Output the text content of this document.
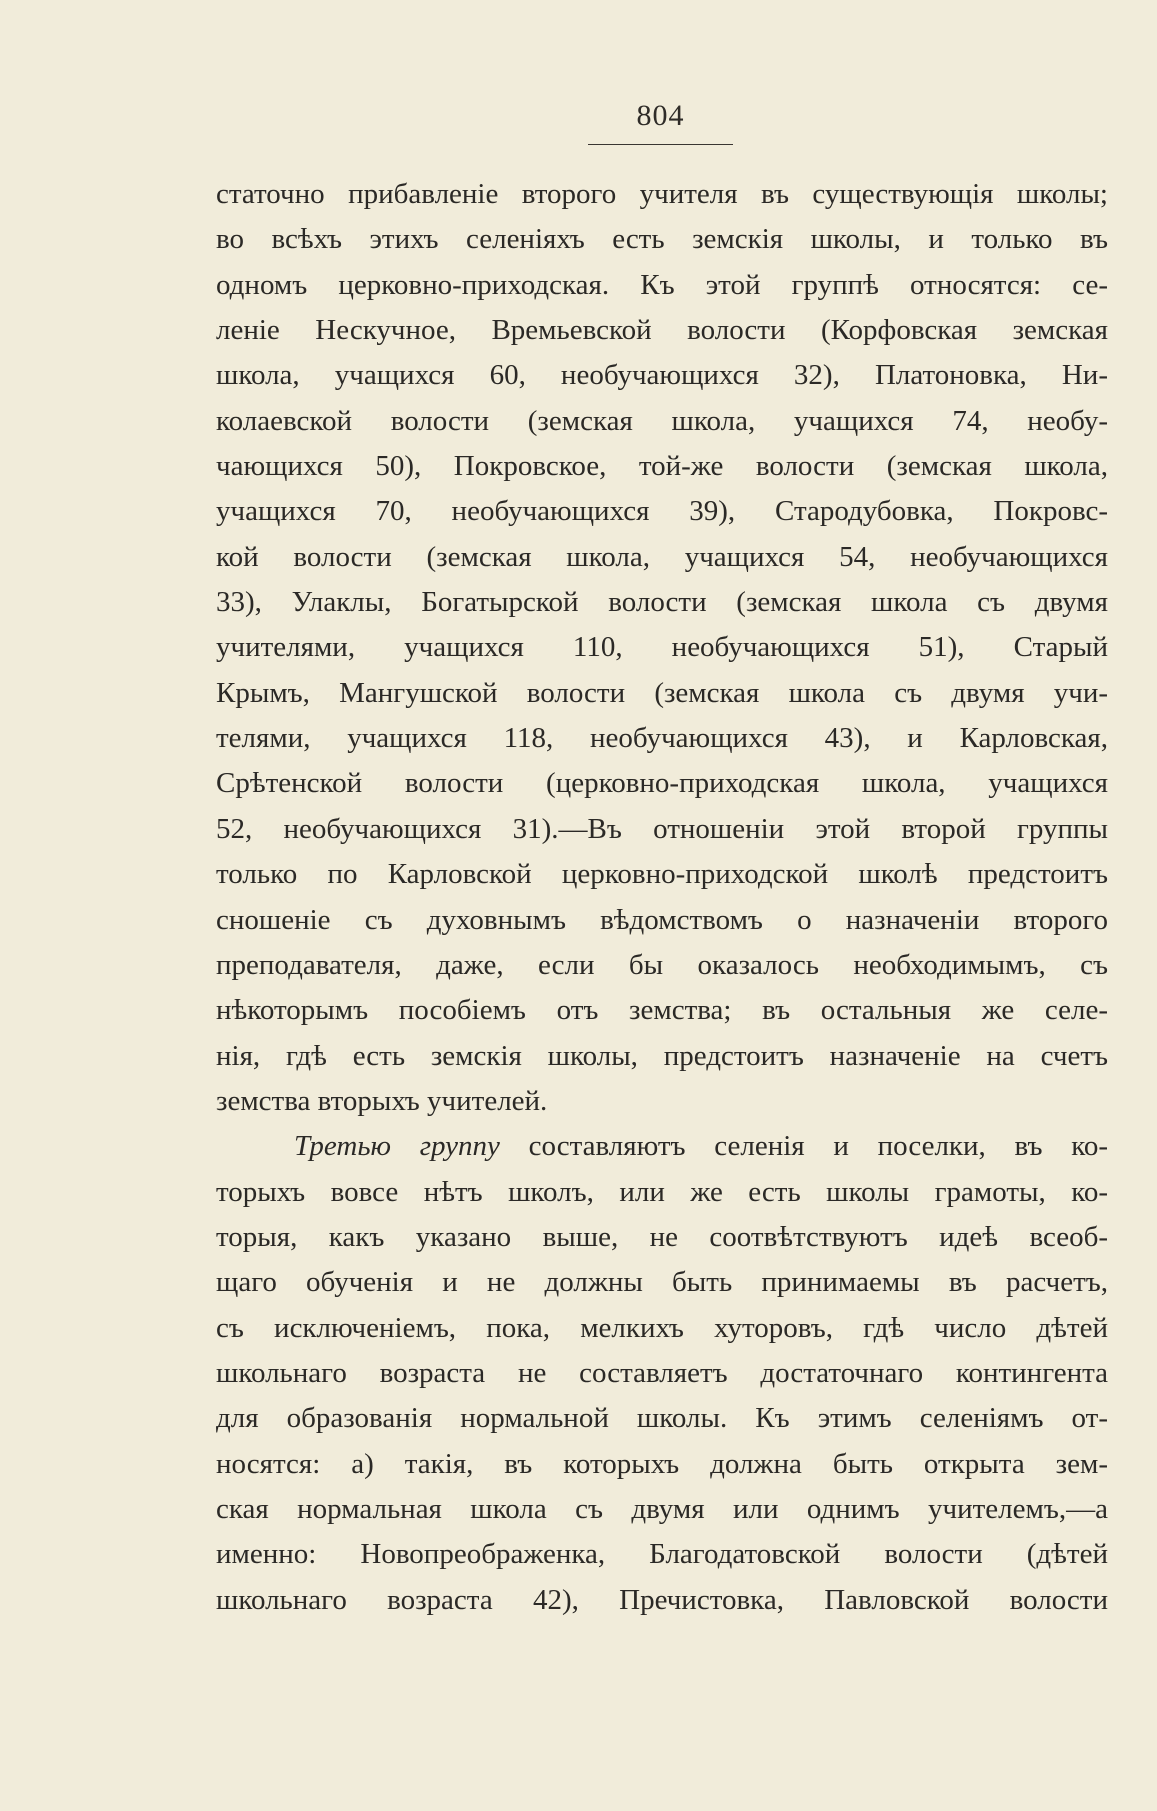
804
статочно прибавленіе второго учителя въ существующія школы;
во всѣхъ этихъ селеніяхъ есть земскія школы, и только въ
одномъ церковно-приходская. Къ этой группѣ относятся: се-
леніе Нескучное, Времьевской волости (Корфовская земская
школа, учащихся 60, необучающихся 32), Платоновка, Ни-
колаевской волости (земская школа, учащихся 74, необу-
чающихся 50), Покровское, той-же волости (земская школа,
учащихся 70, необучающихся 39), Стародубовка, Покровс-
кой волости (земская школа, учащихся 54, необучающихся
33), Улаклы, Богатырской волости (земская школа съ двумя
учителями, учащихся 110, необучающихся 51), Старый
Крымъ, Мангушской волости (земская школа съ двумя учи-
телями, учащихся 118, необучающихся 43), и Карловская,
Срѣтенской волости (церковно-приходская школа, учащихся
52, необучающихся 31).—Въ отношеніи этой второй группы
только по Карловской церковно-приходской школѣ предстоитъ
сношеніе съ духовнымъ вѣдомствомъ о назначеніи второго
преподавателя, даже, если бы оказалось необходимымъ, съ
нѣкоторымъ пособіемъ отъ земства; въ остальныя же селе-
нія, гдѣ есть земскія школы, предстоитъ назначеніе на счетъ
земства вторыхъ учителей.
Третью группу составляютъ селенія и поселки, въ ко-
торыхъ вовсе нѣтъ школъ, или же есть школы грамоты, ко-
торыя, какъ указано выше, не соотвѣтствуютъ идеѣ всеоб-
щаго обученія и не должны быть принимаемы въ расчетъ,
съ исключеніемъ, пока, мелкихъ хуторовъ, гдѣ число дѣтей
школьнаго возраста не составляетъ достаточнаго контингента
для образованія нормальной школы. Къ этимъ селеніямъ от-
носятся: а) такія, въ которыхъ должна быть открыта зем-
ская нормальная школа съ двумя или однимъ учителемъ,—а
именно: Новопреображенка, Благодатовской волости (дѣтей
школьнаго возраста 42), Пречистовка, Павловской волости
